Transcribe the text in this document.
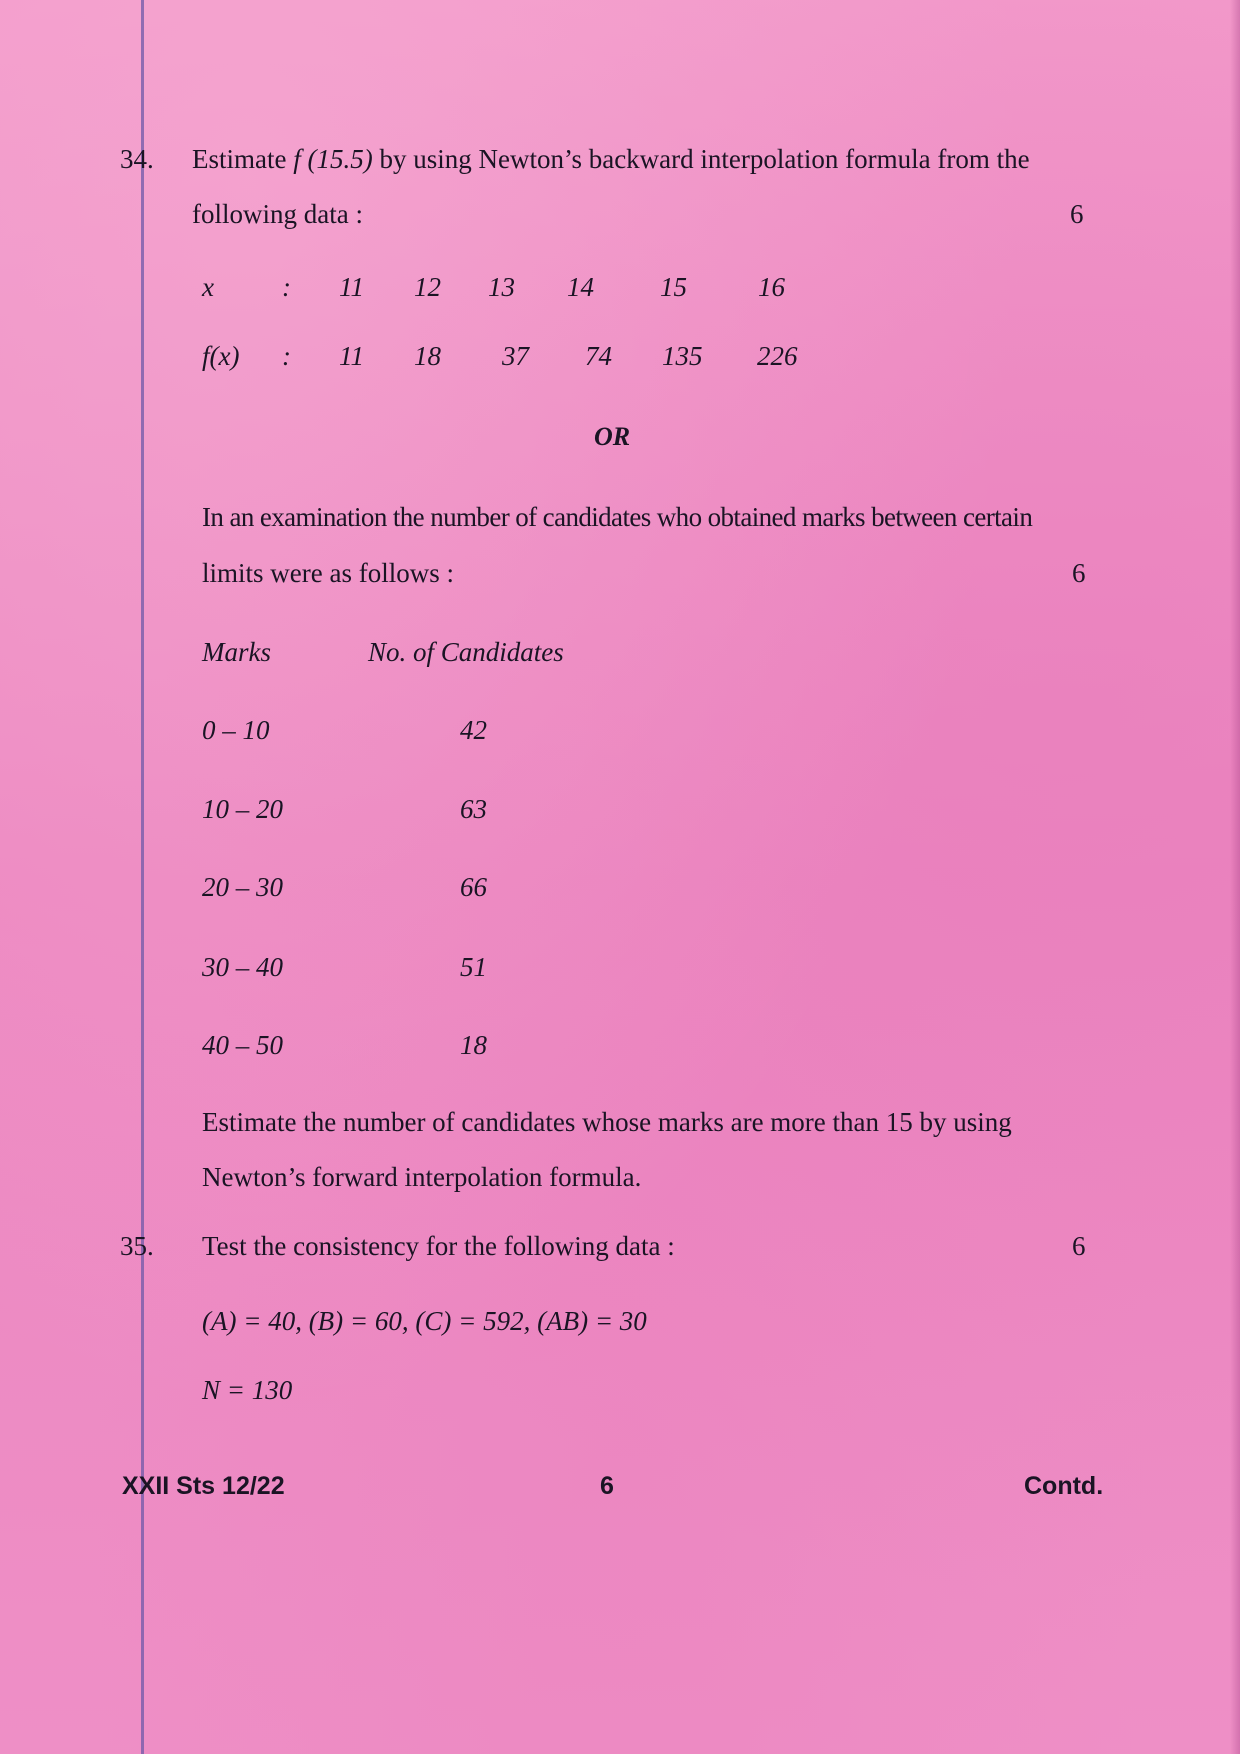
34. Estimate f (15.5) by using Newton’s backward interpolation formula from the
following data :	6
x	: 11 12 13 14 15	16
f(x) : 11 18 37 74 135 226
OR
In an examination the number of candidates who obtained marks between certain
limits were as follows :	6
Marks	No. of Candidates
0 – 10	42
10 – 20	63
20 – 30	66
30 – 40	51
40 – 50	18
Estimate the number of candidates whose marks are more than 15 by using
Newton’s forward interpolation formula.
35. Test the consistency for the following data :	6
(A) = 40, (B) = 60, (C) = 592, (AB) = 30
N = 130
XXII Sts 12/22	6	Contd.
